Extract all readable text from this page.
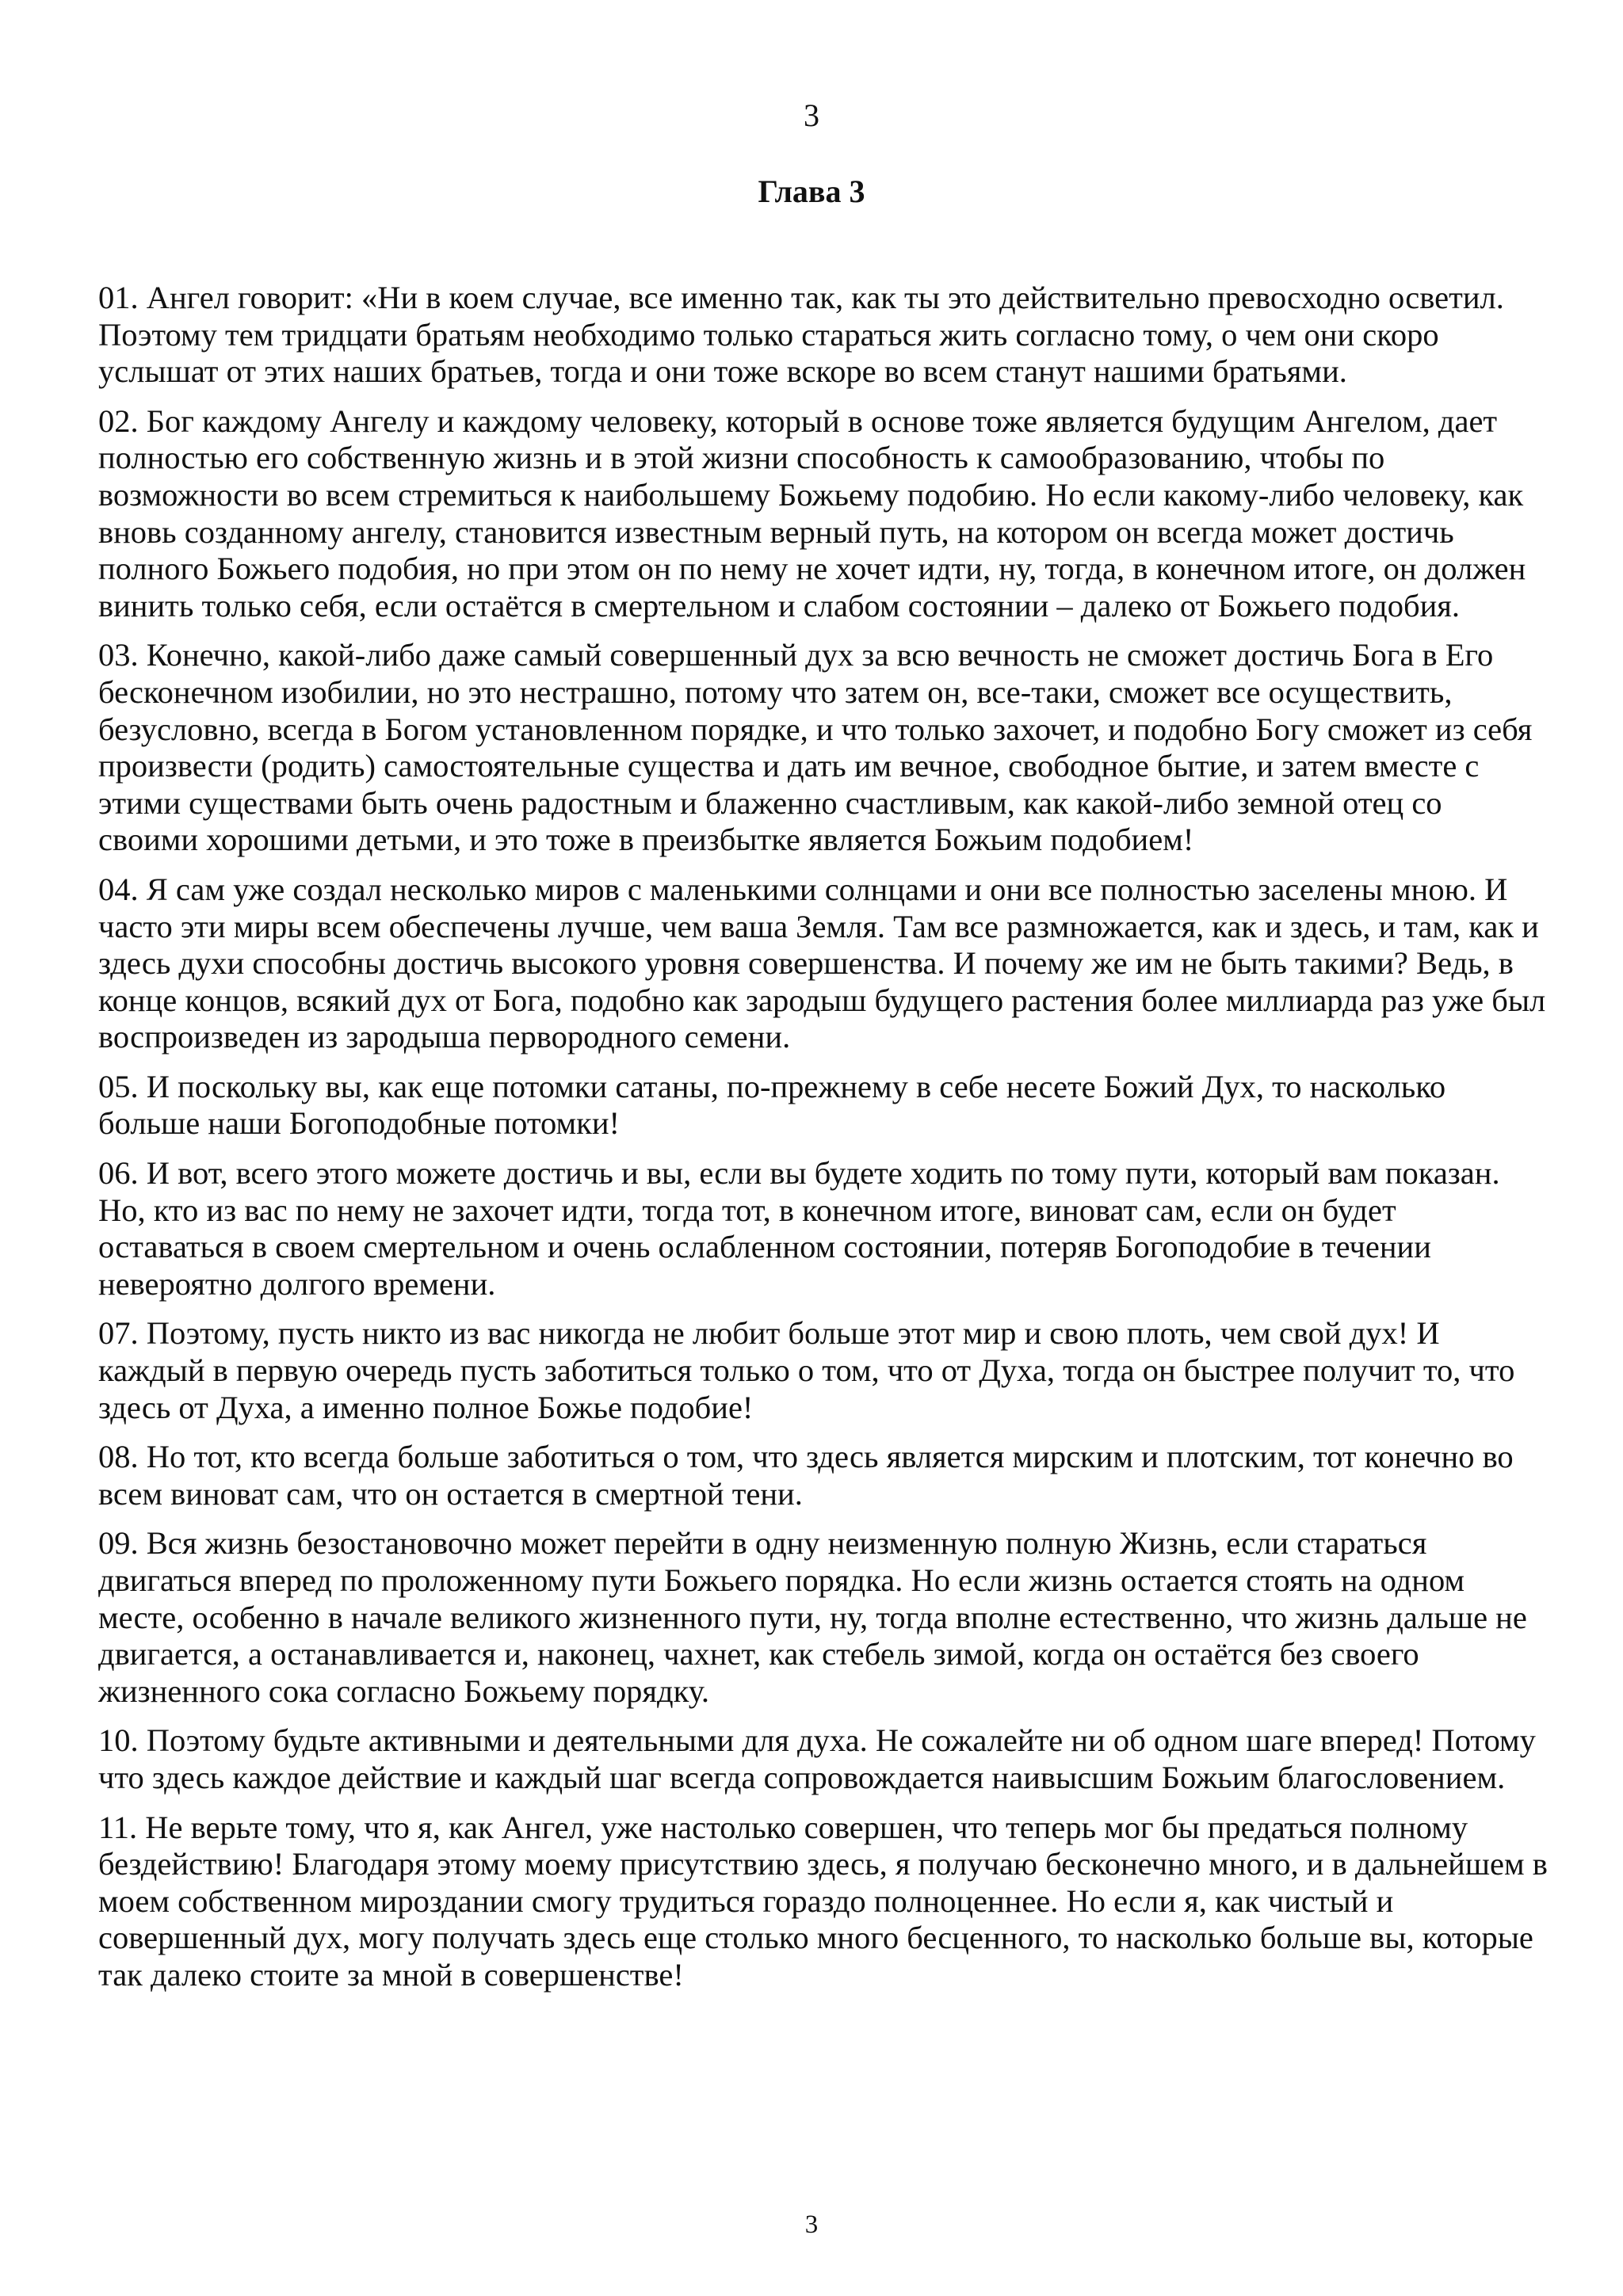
3
Глава 3

01. Ангел говорит: «Ни в коем случае, все именно так, как ты это действительно превосходно осветил. Поэтому тем тридцати братьям необходимо только стараться жить согласно тому, о чем они скоро услышат от этих наших братьев, тогда и они тоже вскоре во всем станут нашими братьями.

02. Бог каждому Ангелу и каждому человеку, который в основе тоже является будущим Ангелом, дает полностью его собственную жизнь и в этой жизни способность к самообразованию, чтобы по возможности во всем стремиться к наибольшему Божьему подобию. Но если какому-либо человеку, как вновь созданному ангелу, становится известным верный путь, на котором он всегда может достичь полного Божьего подобия, но при этом он по нему не хочет идти, ну, тогда, в конечном итоге, он должен винить только себя, если остаётся в смертельном и слабом состоянии – далеко от Божьего подобия.

03. Конечно, какой-либо даже самый совершенный дух за всю вечность не сможет достичь Бога в Его бесконечном изобилии, но это нестрашно, потому что затем он, все-таки, сможет все осуществить, безусловно, всегда в Богом установленном порядке, и что только захочет, и подобно Богу сможет из себя произвести (родить) самостоятельные существа и дать им вечное, свободное бытие, и затем вместе с этими существами быть очень радостным и блаженно счастливым, как какой-либо земной отец со своими хорошими детьми, и это тоже в преизбытке является Божьим подобием!

04. Я сам уже создал несколько миров с маленькими солнцами и они все полностью заселены мною. И часто эти миры всем обеспечены лучше, чем ваша Земля. Там все размножается, как и здесь, и там, как и здесь духи способны достичь высокого уровня совершенства. И почему же им не быть такими? Ведь, в конце концов, всякий дух от Бога, подобно как зародыш будущего растения более миллиарда раз уже был воспроизведен из зародыша первородного семени.

05. И поскольку вы, как еще потомки сатаны, по-прежнему в себе несете Божий Дух, то насколько больше наши Богоподобные потомки!

06. И вот, всего этого можете достичь и вы, если вы будете ходить по тому пути, который вам показан. Но, кто из вас по нему не захочет идти, тогда тот, в конечном итоге, виноват сам, если он будет оставаться в своем смертельном и очень ослабленном состоянии, потеряв Богоподобие в течении невероятно долгого времени.

07. Поэтому, пусть никто из вас никогда не любит больше этот мир и свою плоть, чем свой дух! И каждый в первую очередь пусть заботиться только о том, что от Духа, тогда он быстрее получит то, что здесь от Духа, а именно полное Божье подобие!

08. Но тот, кто всегда больше заботиться о том, что здесь является мирским и плотским, тот конечно во всем виноват сам, что он остается в смертной тени.

09. Вся жизнь безостановочно может перейти в одну неизменную полную Жизнь, если стараться двигаться вперед по проложенному пути Божьего порядка. Но если жизнь остается стоять на одном месте, особенно в начале великого жизненного пути, ну, тогда вполне естественно, что жизнь дальше не двигается, а останавливается и, наконец, чахнет, как стебель зимой, когда он остаётся без своего жизненного сока согласно Божьему порядку.

10. Поэтому будьте активными и деятельными для духа. Не сожалейте ни об одном шаге вперед! Потому что здесь каждое действие и каждый шаг всегда сопровождается наивысшим Божьим благословением.

11. Не верьте тому, что я, как Ангел, уже настолько совершен, что теперь мог бы предаться полному бездействию! Благодаря этому моему присутствию здесь, я получаю бесконечно много, и в дальнейшем в моем собственном мироздании смогу трудиться гораздо полноценнее. Но если я, как чистый и совершенный дух, могу получать здесь еще столько много бесценного, то насколько больше вы, которые так далеко стоите за мной в совершенстве!

3
